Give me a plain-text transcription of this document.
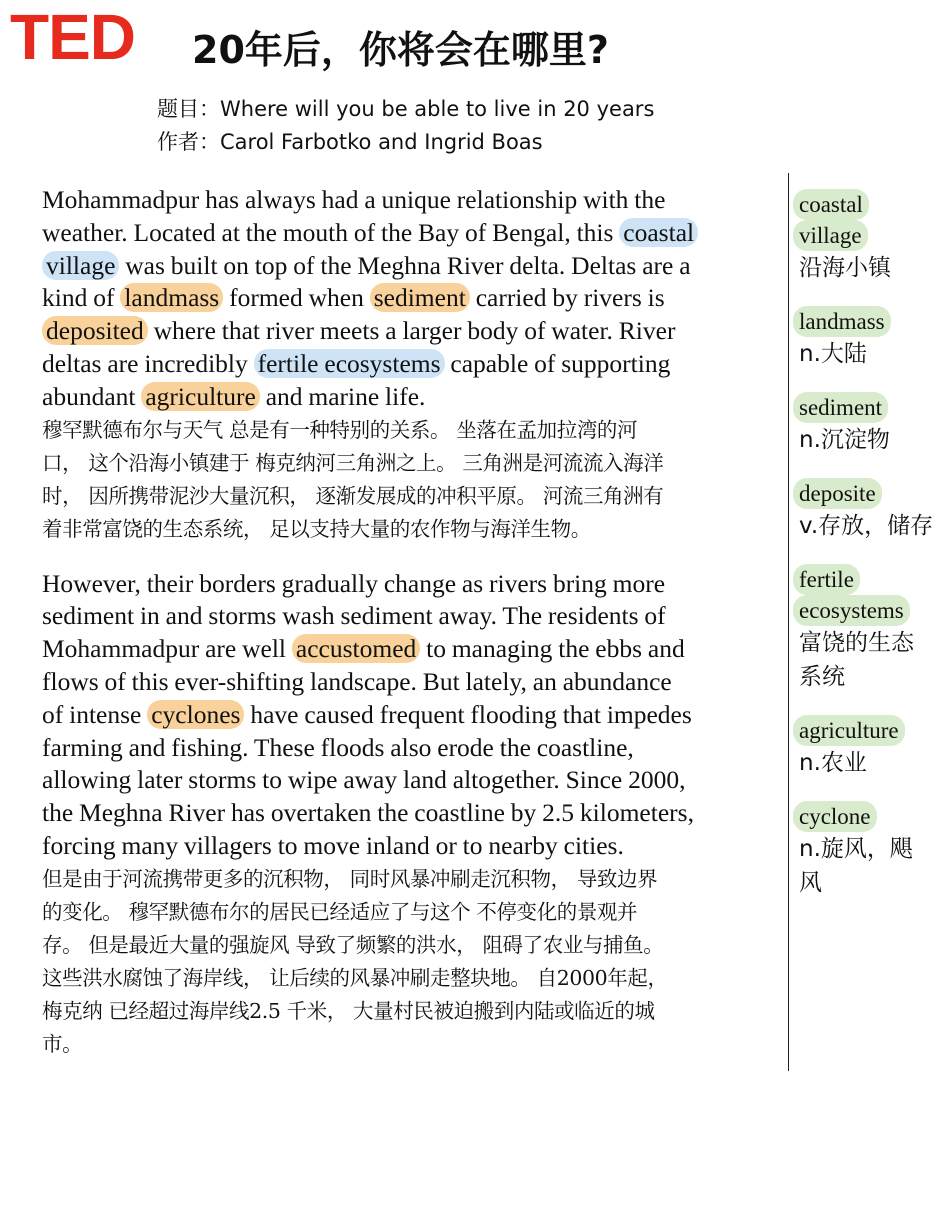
TED 20年后，你将会在哪里?
题目：Where will you be able to live in 20 years
作者：Carol Farbotko and Ingrid Boas
Mohammadpur has always had a unique relationship with the
weather. Located at the mouth of the Bay of Bengal, this coastal
village was built on top of the Meghna River delta. Deltas are a
kind of landmass formed when sediment carried by rivers is
deposited where that river meets a larger body of water. River
deltas are incredibly fertile ecosystems capable of supporting
abundant agriculture and marine life.
穆罕默德布尔与天气 总是有一种特别的关系。 坐落在孟加拉湾的河
口， 这个沿海小镇建于 梅克纳河三角洲之上。 三角洲是河流流入海洋
时， 因所携带泥沙大量沉积， 逐渐发展成的冲积平原。 河流三角洲有
着非常富饶的生态系统， 足以支持大量的农作物与海洋生物。
However, their borders gradually change as rivers bring more
sediment in and storms wash sediment away. The residents of
Mohammadpur are well accustomed to managing the ebbs and
flows of this ever-shifting landscape. But lately, an abundance
of intense cyclones have caused frequent flooding that impedes
farming and fishing. These floods also erode the coastline,
allowing later storms to wipe away land altogether. Since 2000,
the Meghna River has overtaken the coastline by 2.5 kilometers,
forcing many villagers to move inland or to nearby cities.
但是由于河流携带更多的沉积物， 同时风暴冲刷走沉积物， 导致边界
的变化。 穆罕默德布尔的居民已经适应了与这个 不停变化的景观并
存。 但是最近大量的强旋风 导致了频繁的洪水， 阻碍了农业与捕鱼。
这些洪水腐蚀了海岸线， 让后续的风暴冲刷走整块地。 自2000年起，
梅克纳 已经超过海岸线2.5 千米， 大量村民被迫搬到内陆或临近的城
市。
coastal
village
沿海小镇
landmass
n.大陆
sediment
n.沉淀物
deposite
v.存放，储存
fertile
ecosystems
富饶的生态
系统
agriculture
n.农业
cyclone
n.旋风，飓
风
